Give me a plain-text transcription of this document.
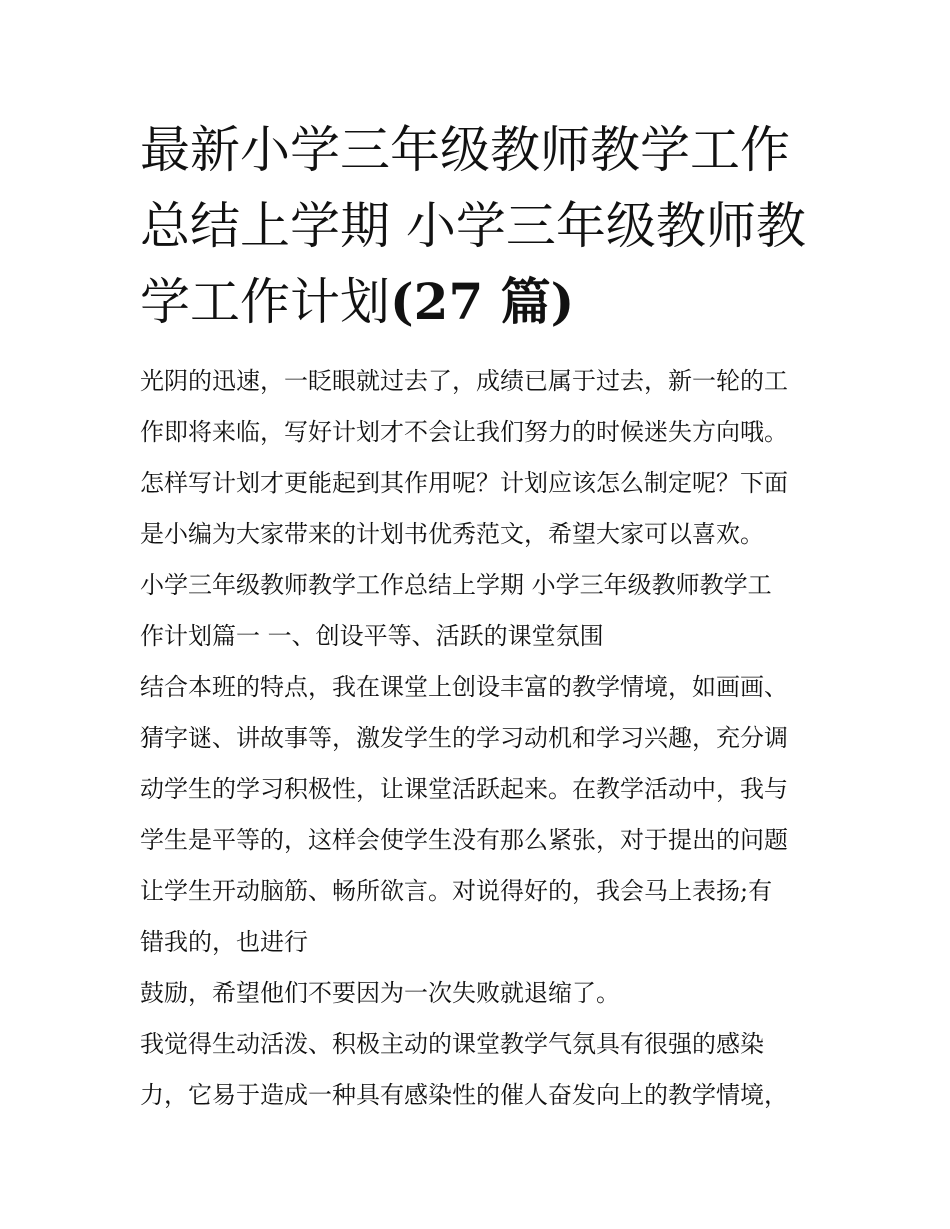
最新小学三年级教师教学工作
总结上学期 小学三年级教师教
学工作计划(27 篇)
光阴的迅速，一眨眼就过去了，成绩已属于过去，新一轮的工
作即将来临，写好计划才不会让我们努力的时候迷失方向哦。
怎样写计划才更能起到其作用呢？计划应该怎么制定呢？下面
是小编为大家带来的计划书优秀范文，希望大家可以喜欢。
小学三年级教师教学工作总结上学期 小学三年级教师教学工
作计划篇一 一、创设平等、活跃的课堂氛围
结合本班的特点，我在课堂上创设丰富的教学情境，如画画、
猜字谜、讲故事等，激发学生的学习动机和学习兴趣，充分调
动学生的学习积极性，让课堂活跃起来。在教学活动中，我与
学生是平等的，这样会使学生没有那么紧张，对于提出的问题
让学生开动脑筋、畅所欲言。对说得好的，我会马上表扬;有
错我的，也进行
鼓励，希望他们不要因为一次失败就退缩了。
我觉得生动活泼、积极主动的课堂教学气氛具有很强的感染
力，它易于造成一种具有感染性的催人奋发向上的教学情境，
